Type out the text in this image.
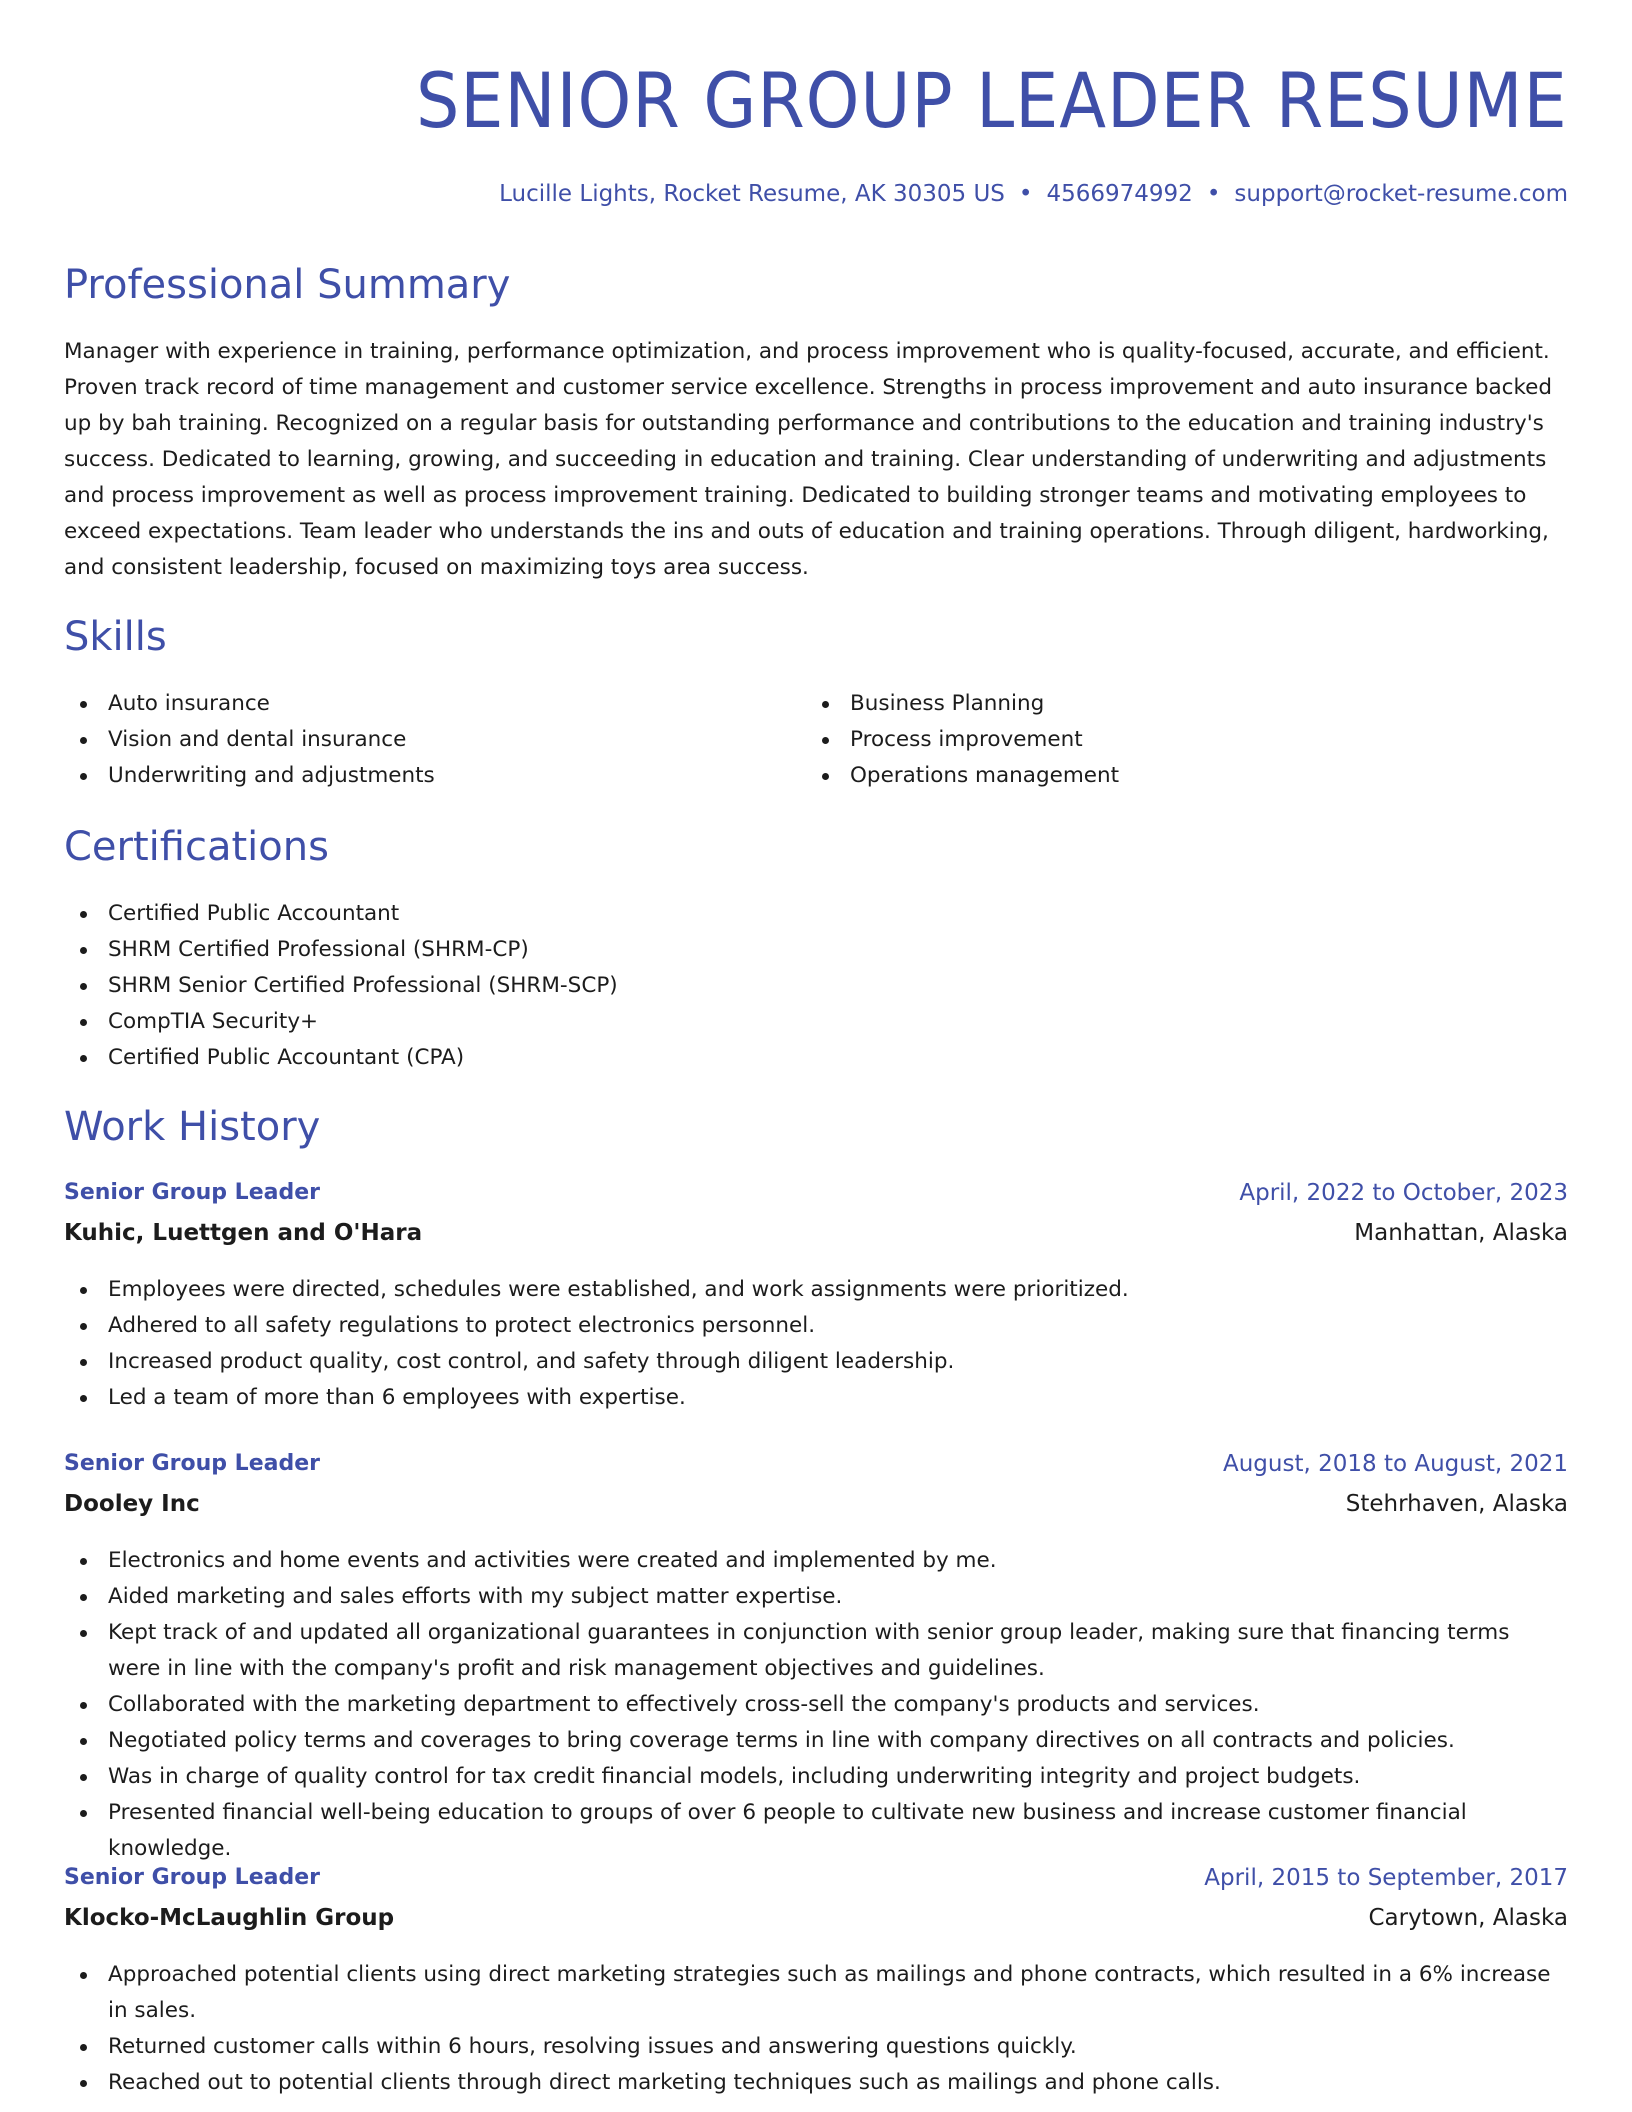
SENIOR GROUP LEADER RESUME
Lucille Lights, Rocket Resume, AK 30305 US • 4566974992 • support@rocket-resume.com
Professional Summary

Manager with experience in training, performance optimization, and process improvement who is quality-focused, accurate, and efficient. Proven track record of time management and customer service excellence. Strengths in process improvement and auto insurance backed up by bah training. Recognized on a regular basis for outstanding performance and contributions to the education and training industry's success. Dedicated to learning, growing, and succeeding in education and training. Clear understanding of underwriting and adjustments and process improvement as well as process improvement training. Dedicated to building stronger teams and motivating employees to exceed expectations. Team leader who understands the ins and outs of education and training operations. Through diligent, hardworking, and consistent leadership, focused on maximizing toys area success.

Skills
Auto insurance
Vision and dental insurance
Underwriting and adjustments
Business Planning
Process improvement
Operations management
Certifications
Certified Public Accountant
SHRM Certified Professional (SHRM-CP)
SHRM Senior Certified Professional (SHRM-SCP)
CompTIA Security+
Certified Public Accountant (CPA)
Work History
Senior Group Leader	April, 2022 to October, 2023
Kuhic, Luettgen and O'Hara	Manhattan, Alaska
Employees were directed, schedules were established, and work assignments were prioritized.
Adhered to all safety regulations to protect electronics personnel.
Increased product quality, cost control, and safety through diligent leadership.
Led a team of more than 6 employees with expertise.
Senior Group Leader	August, 2018 to August, 2021
Dooley Inc	Stehrhaven, Alaska
Electronics and home events and activities were created and implemented by me.
Aided marketing and sales efforts with my subject matter expertise.
Kept track of and updated all organizational guarantees in conjunction with senior group leader, making sure that financing terms were in line with the company's profit and risk management objectives and guidelines.
Collaborated with the marketing department to effectively cross-sell the company's products and services.
Negotiated policy terms and coverages to bring coverage terms in line with company directives on all contracts and policies.
Was in charge of quality control for tax credit financial models, including underwriting integrity and project budgets.
Presented financial well-being education to groups of over 6 people to cultivate new business and increase customer financial knowledge.
Senior Group Leader	April, 2015 to September, 2017
Klocko-McLaughlin Group	Carytown, Alaska
Approached potential clients using direct marketing strategies such as mailings and phone contracts, which resulted in a 6% increase in sales.
Returned customer calls within 6 hours, resolving issues and answering questions quickly.
Reached out to potential clients through direct marketing techniques such as mailings and phone calls.
